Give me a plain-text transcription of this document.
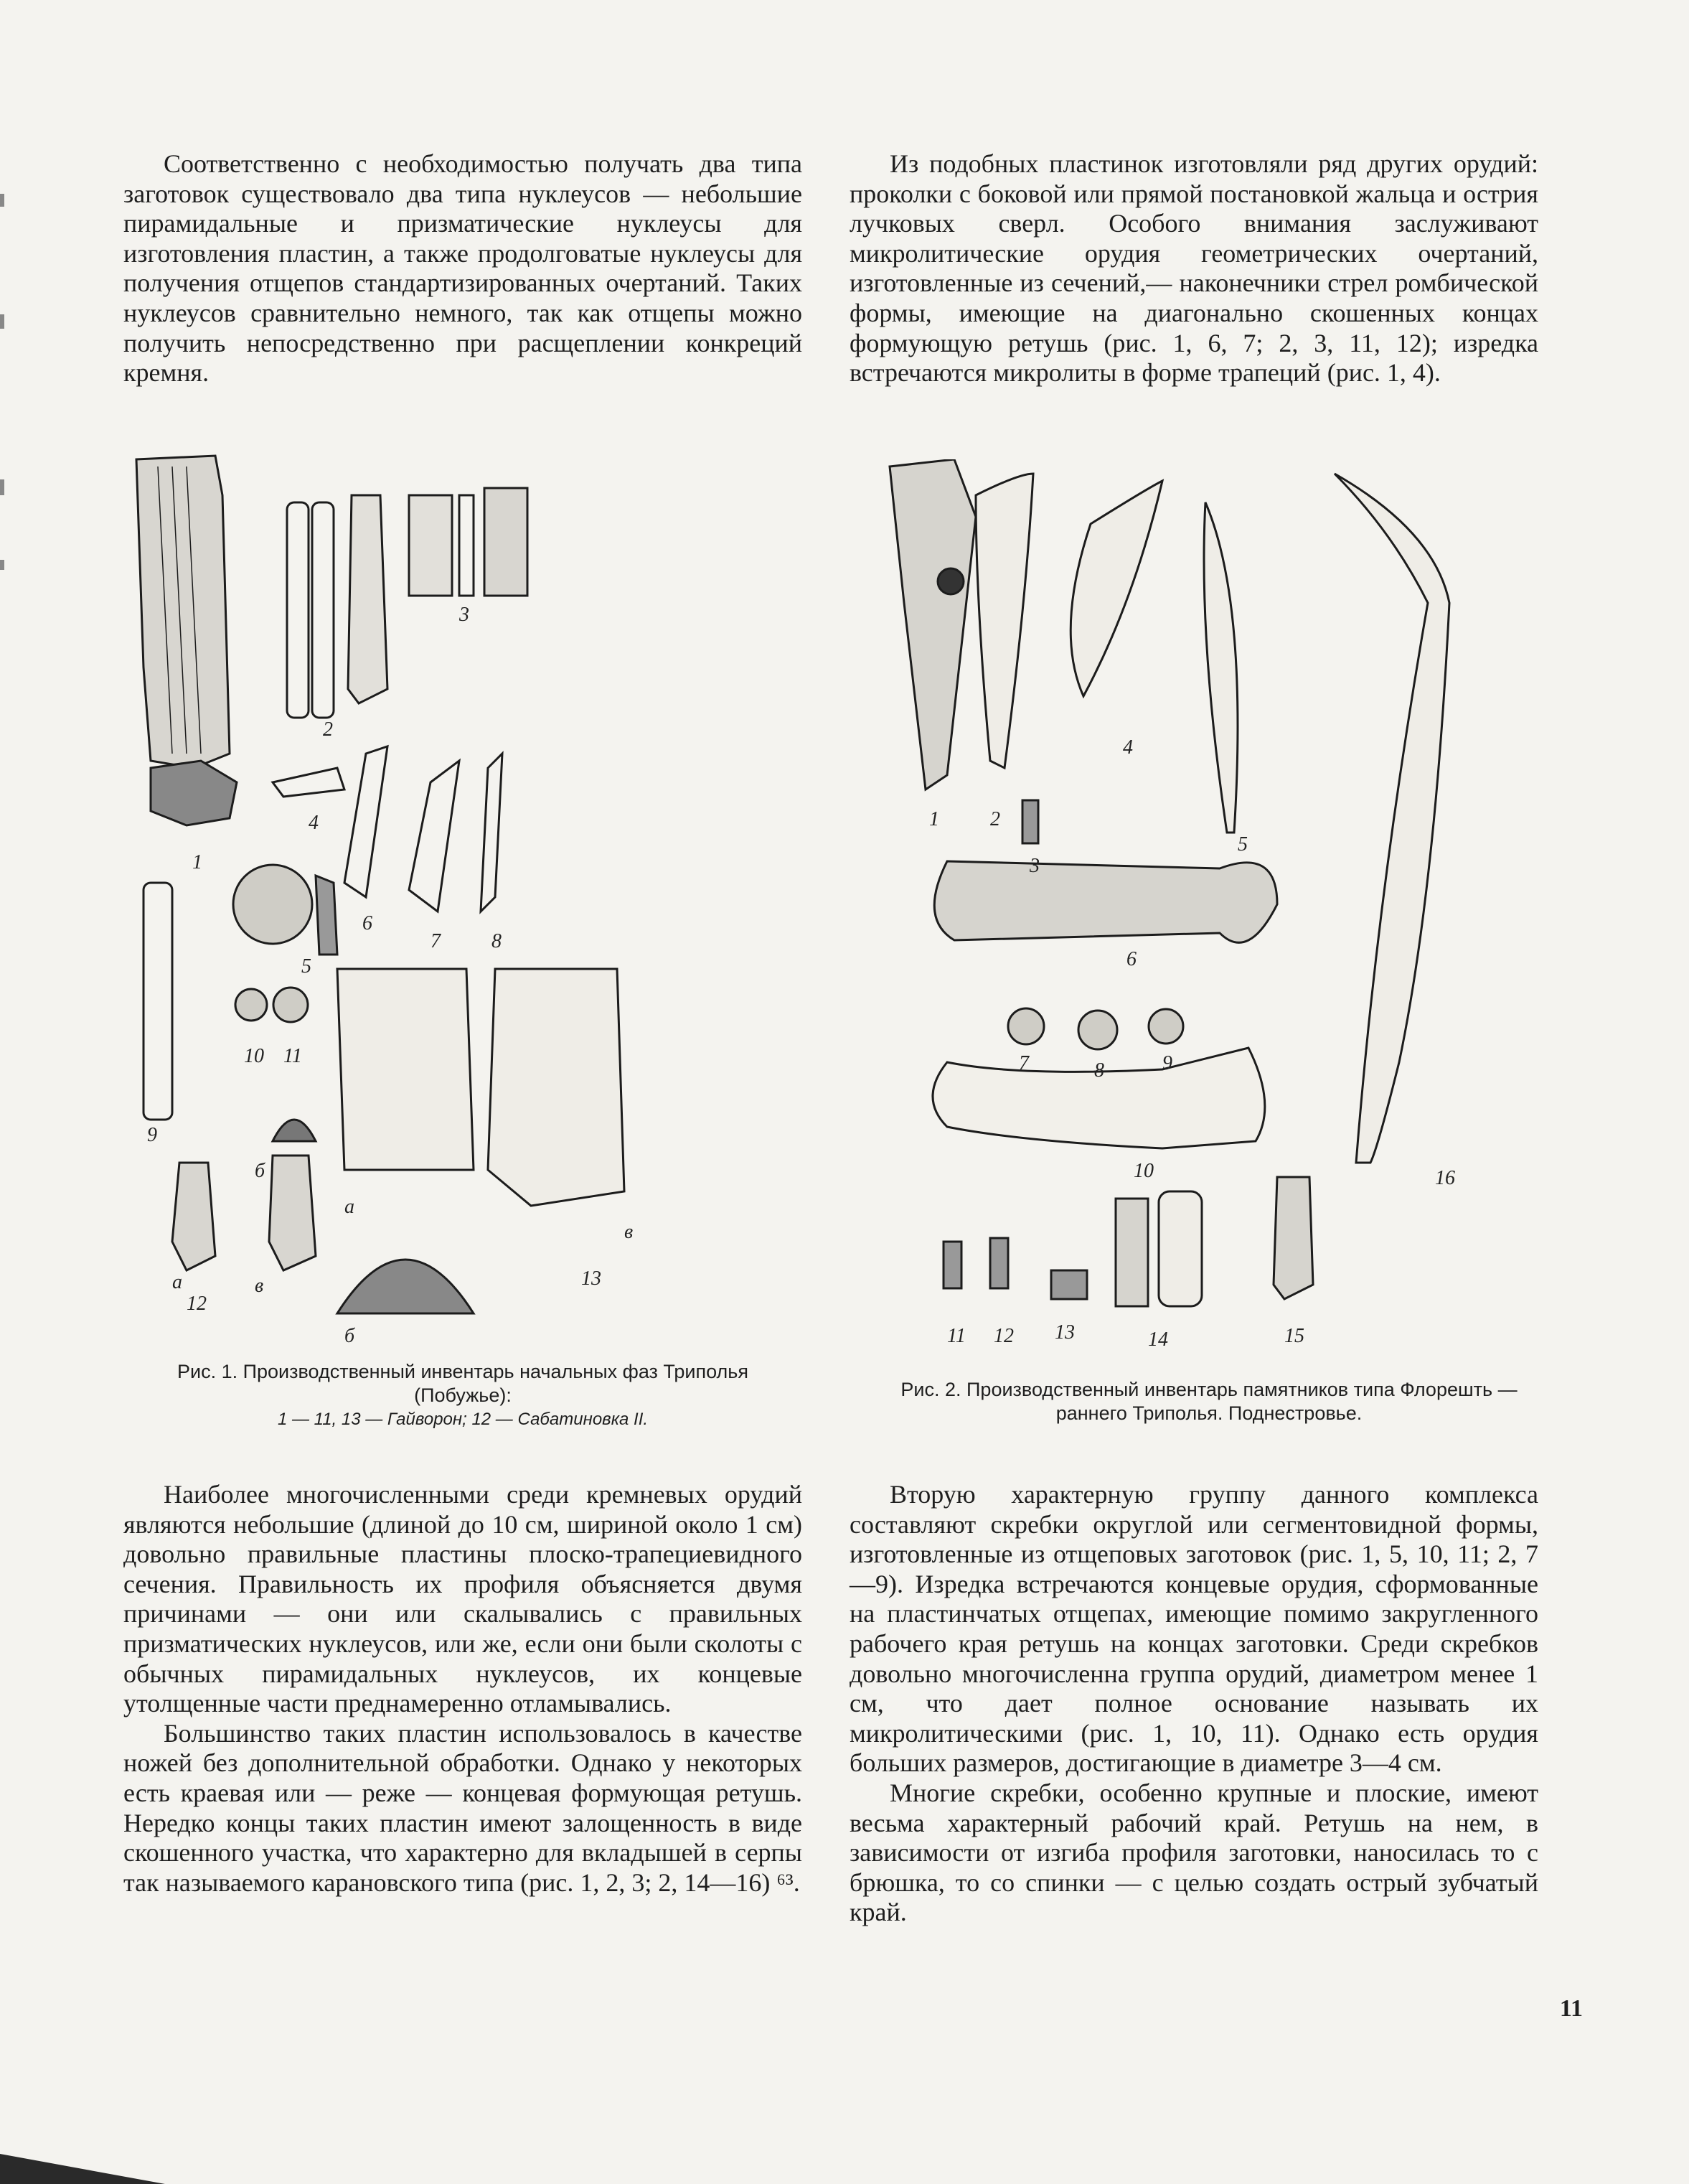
Соответственно с необходимостью получать два типа заготовок существовало два типа нуклеусов — небольшие пирамидальные и призматические нуклеусы для изготовления пластин, а также продолговатые нуклеусы для получения отщепов стандартизированных очертаний. Таких нуклеусов сравнительно немного, так как отщепы можно получить непосредственно при расщеплении конкреций кремня.

Из подобных пластинок изготовляли ряд других орудий: проколки с боковой или прямой постановкой жальца и острия лучковых сверл. Особого внимания заслуживают микролитические орудия геометрических очертаний, изготовленные из сечений,— наконечники стрел ромбической формы, имеющие на диагонально скошенных концах формующую ретушь (рис. 1, 6, 7; 2, 3, 11, 12); изредка встречаются микролиты в форме трапеций (рис. 1, 4).

1
2
3
4
5
6
7	8
9
10 11
12
13
а
б
в
а
б
в
Рис. 1. Производственный инвентарь начальных фаз Триполья (Побужье):
1 — 11, 13 — Гайворон; 12 — Сабатиновка II.
1	2
3
4
5
6
7	8	9
10
11 12 13	14	15
16
Рис. 2. Производственный инвентарь памятников типа Флорешть — раннего Триполья. Поднестровье.

Наиболее многочисленными среди кремневых орудий являются небольшие (длиной до 10 см, шириной около 1 см) довольно правильные пластины плоско-трапециевидного сечения. Правильность их профиля объясняется двумя причинами — они или скалывались с правильных призматических нуклеусов, или же, если они были сколоты с обычных пирамидальных нуклеусов, их концевые утолщенные части преднамеренно отламывались.

Большинство таких пластин использовалось в качестве ножей без дополнительной обработки. Однако у некоторых есть краевая или — реже — концевая формующая ретушь. Нередко концы таких пластин имеют залощенность в виде скошенного участка, что характерно для вкладышей в серпы так называемого карановского типа (рис. 1, 2, 3; 2, 14—16) ⁶³.

Вторую характерную группу данного комплекса составляют скребки округлой или сегментовидной формы, изготовленные из отщеповых заготовок (рис. 1, 5, 10, 11; 2, 7—9). Изредка встречаются концевые орудия, сформованные на пластинчатых отщепах, имеющие помимо закругленного рабочего края ретушь на концах заготовки. Среди скребков довольно многочисленна группа орудий, диаметром менее 1 см, что дает полное основание называть их микролитическими (рис. 1, 10, 11). Однако есть орудия больших размеров, достигающие в диаметре 3—4 см.

Многие скребки, особенно крупные и плоские, имеют весьма характерный рабочий край. Ретушь на нем, в зависимости от изгиба профиля заготовки, наносилась то с брюшка, то со спинки — с целью создать острый зубчатый край.

11
